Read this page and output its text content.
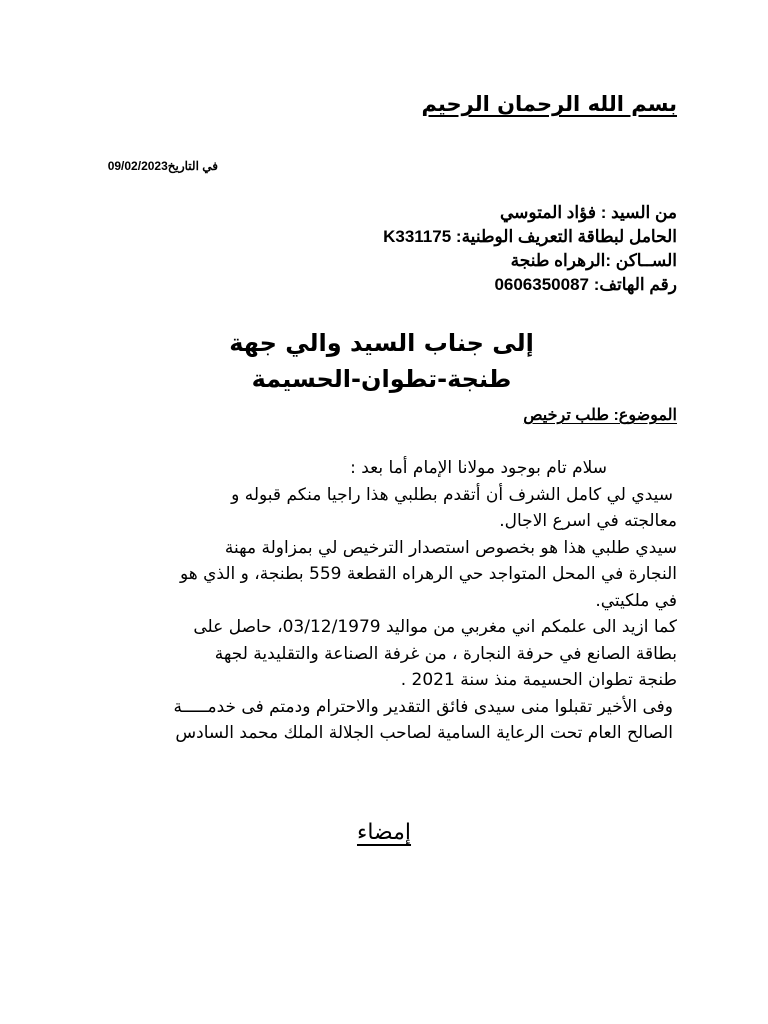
بسم الله الرحمان الرحيم
في التاريخ09/02/2023
من السيد : فؤاد المتوسي
الحامل لبطاقة التعريف الوطنية: K331175
الســاكن :الرهراه طنجة
رقم الهاتف: 0606350087
إلى جناب السيد والي جهة
طنجة-تطوان-الحسيمة
الموضوع: طلب ترخيص
سلام تام بوجود مولانا الإمام أما بعد :
سيدي لي كامل الشرف أن أتقدم بطلبي هذا راجيا منكم قبوله و
معالجته في اسرع الاجال.
سيدي طلبي هذا هو بخصوص استصدار الترخيص لي بمزاولة مهنة
النجارة في المحل المتواجد حي الرهراه القطعة 559 بطنجة، و الذي هو
في ملكيتي.
كما ازيد الى علمكم اني مغربي من مواليد 03/12/1979، حاصل على
بطاقة الصانع في حرفة النجارة ، من غرفة الصناعة والتقليدية لجهة
طنجة تطوان الحسيمة منذ سنة 2021 .
وفى الأخير تقبلوا منى سيدى فائق التقدير والاحترام ودمتم فى خدمـــــة
الصالح العام تحت الرعاية السامية لصاحب الجلالة الملك محمد السادس
إمضاء
